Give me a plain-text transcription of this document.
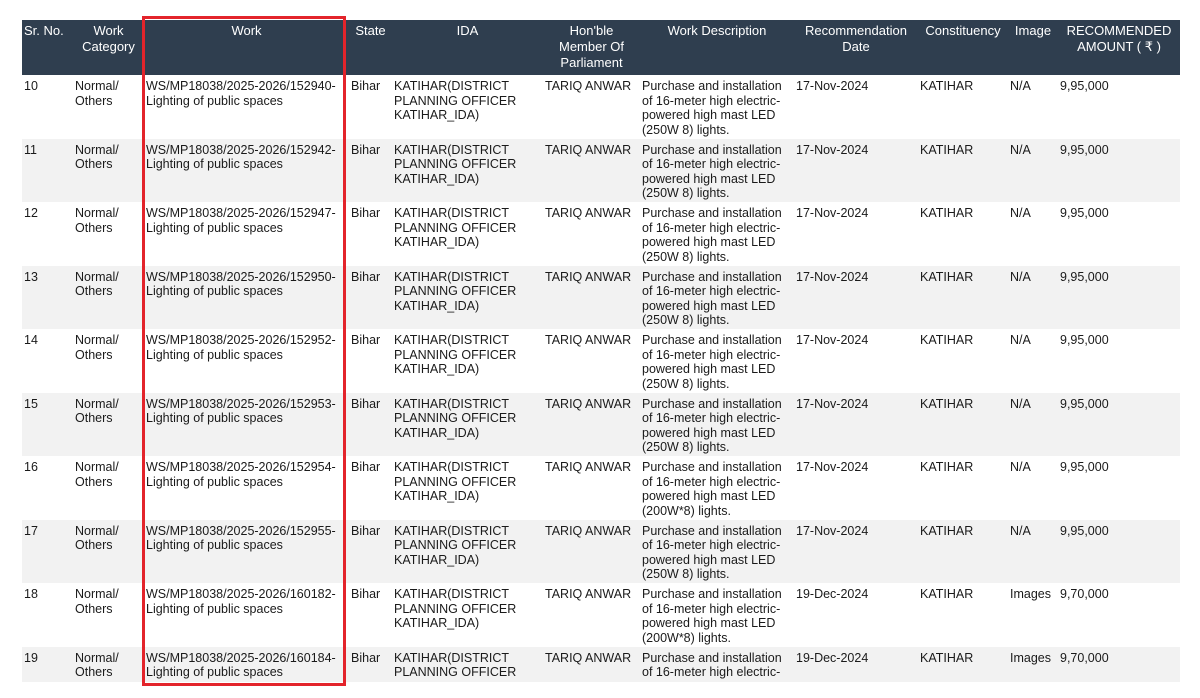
Sr. No.	Work Category	Work	State	IDA	Hon'ble Member Of Parliament	Work Description	Recommendation Date	Constituency	Image	RECOMMENDED AMOUNT ( ₹ )
10	Normal/ Others	WS/MP18038/2025-2026/152940-Lighting of public spaces	Bihar	KATIHAR(DISTRICT PLANNING OFFICER KATIHAR_IDA)	TARIQ ANWAR	Purchase and installation of 16-meter high electric-powered high mast LED (250W 8) lights.	17-Nov-2024	KATIHAR	N/A	9,95,000
11	Normal/ Others	WS/MP18038/2025-2026/152942-Lighting of public spaces	Bihar	KATIHAR(DISTRICT PLANNING OFFICER KATIHAR_IDA)	TARIQ ANWAR	Purchase and installation of 16-meter high electric-powered high mast LED (250W 8) lights.	17-Nov-2024	KATIHAR	N/A	9,95,000
12	Normal/ Others	WS/MP18038/2025-2026/152947-Lighting of public spaces	Bihar	KATIHAR(DISTRICT PLANNING OFFICER KATIHAR_IDA)	TARIQ ANWAR	Purchase and installation of 16-meter high electric-powered high mast LED (250W 8) lights.	17-Nov-2024	KATIHAR	N/A	9,95,000
13	Normal/ Others	WS/MP18038/2025-2026/152950-Lighting of public spaces	Bihar	KATIHAR(DISTRICT PLANNING OFFICER KATIHAR_IDA)	TARIQ ANWAR	Purchase and installation of 16-meter high electric-powered high mast LED (250W 8) lights.	17-Nov-2024	KATIHAR	N/A	9,95,000
14	Normal/ Others	WS/MP18038/2025-2026/152952-Lighting of public spaces	Bihar	KATIHAR(DISTRICT PLANNING OFFICER KATIHAR_IDA)	TARIQ ANWAR	Purchase and installation of 16-meter high electric-powered high mast LED (250W 8) lights.	17-Nov-2024	KATIHAR	N/A	9,95,000
15	Normal/ Others	WS/MP18038/2025-2026/152953-Lighting of public spaces	Bihar	KATIHAR(DISTRICT PLANNING OFFICER KATIHAR_IDA)	TARIQ ANWAR	Purchase and installation of 16-meter high electric-powered high mast LED (250W 8) lights.	17-Nov-2024	KATIHAR	N/A	9,95,000
16	Normal/ Others	WS/MP18038/2025-2026/152954-Lighting of public spaces	Bihar	KATIHAR(DISTRICT PLANNING OFFICER KATIHAR_IDA)	TARIQ ANWAR	Purchase and installation of 16-meter high electric-powered high mast LED (200W*8) lights.	17-Nov-2024	KATIHAR	N/A	9,95,000
17	Normal/ Others	WS/MP18038/2025-2026/152955-Lighting of public spaces	Bihar	KATIHAR(DISTRICT PLANNING OFFICER KATIHAR_IDA)	TARIQ ANWAR	Purchase and installation of 16-meter high electric-powered high mast LED (250W 8) lights.	17-Nov-2024	KATIHAR	N/A	9,95,000
18	Normal/ Others	WS/MP18038/2025-2026/160182-Lighting of public spaces	Bihar	KATIHAR(DISTRICT PLANNING OFFICER KATIHAR_IDA)	TARIQ ANWAR	Purchase and installation of 16-meter high electric-powered high mast LED (200W*8) lights.	19-Dec-2024	KATIHAR	Images	9,70,000
19	Normal/ Others	WS/MP18038/2025-2026/160184-Lighting of public spaces	Bihar	KATIHAR(DISTRICT PLANNING OFFICER	TARIQ ANWAR	Purchase and installation of 16-meter high electric-	19-Dec-2024	KATIHAR	Images	9,70,000
